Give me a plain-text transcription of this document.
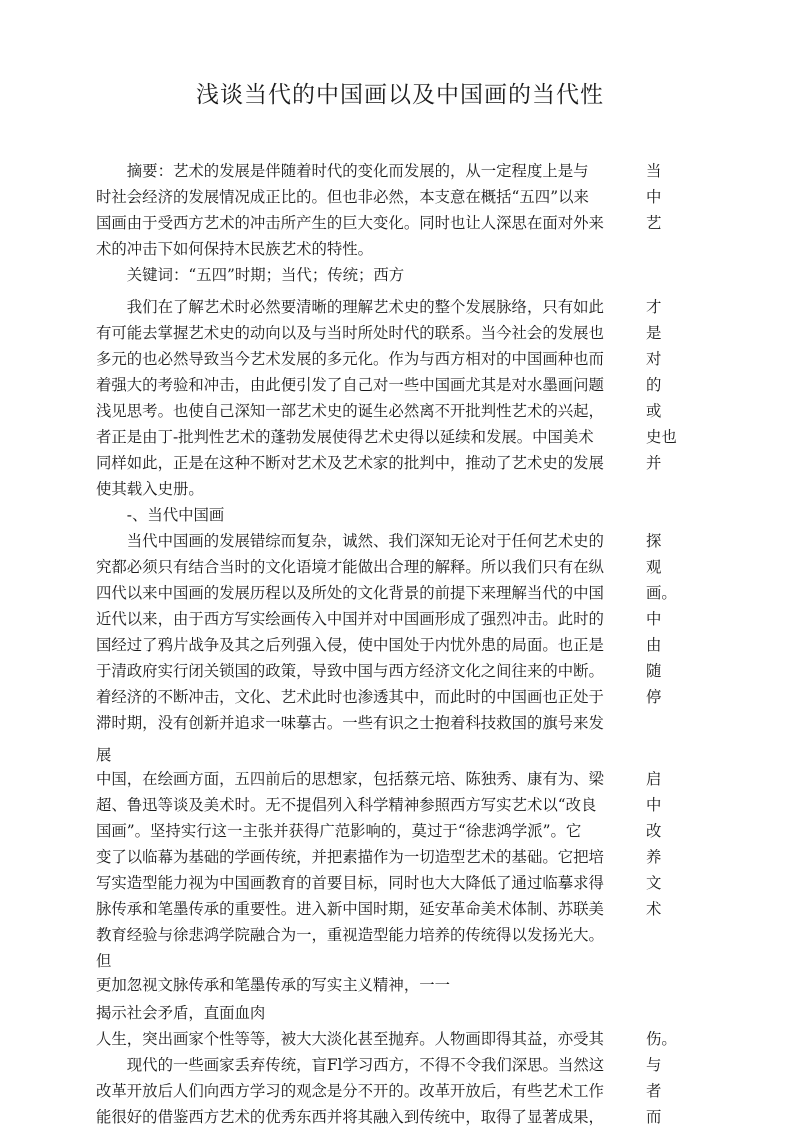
浅谈当代的中国画以及中国画的当代性
　　摘要：艺术的发展是伴随着时代的变化而发展的，从一定程度上是与	当
时社会经济的发展情况成正比的。但也非必然，本支意在概括“五四”以来	中
国画由于受西方艺术的冲击所产生的巨大变化。同时也让人深思在面对外来	艺
术的冲击下如何保持木民族艺术的特性。
　　关键词：“五四”时期；当代；传统；西方
　　我们在了解艺术时必然要清晰的理解艺术史的整个发展脉络，只有如此	才
有可能去掌握艺术史的动向以及与当时所处时代的联系。当今社会的发展也	是
多元的也必然导致当今艺术发展的多元化。作为与西方相对的中国画种也而	对
着强大的考验和冲击，由此便引发了自己对一些中国画尤其是对水墨画问题	的
浅见思考。也使自己深知一部艺术史的诞生必然离不开批判性艺术的兴起，	或
者正是由丁-批判性艺术的蓬勃发展使得艺术史得以延续和发展。中国美术	史也
同样如此，正是在这种不断对艺术及艺术家的批判中，推动了艺术史的发展	并
使其载入史册。
　　-、当代中国画
　　当代中国画的发展错综而复杂，诚然、我们深知无论对于任何艺术史的	探
究都必须只有结合当时的文化语境才能做出合理的解释。所以我们只有在纵	观
四代以来中国画的发展历程以及所处的文化背景的前提下来理解当代的中国	画。
近代以来，由于西方写实绘画传入中国并对中国画形成了强烈冲击。此时的	中
国经过了鸦片战争及其之后列强入侵，使中国处于内忧外患的局面。也正是	由
于清政府实行闭关锁国的政策，导致中国与西方经济文化之间往来的中断。	随
着经济的不断冲击，文化、艺术此时也渗透其中，而此时的中国画也正处于	停
滞时期，没有创新并追求一味摹古。一些有识之士抱着科技救国的旗号来发
展
中国，在绘画方面，五四前后的思想家，包括蔡元培、陈独秀、康有为、梁	启
超、鲁迅等谈及美术时。无不提倡列入科学精神参照西方写实艺术以“改良	中
国画”。坚持实行这一主张并获得广范影响的，莫过于“徐悲鸿学派”。它	改
变了以临幕为基础的学画传统，并把素描作为一切造型艺术的基础。它把培	养
写实造型能力视为中国画教育的首要目标，同时也大大降低了通过临摹求得	文
脉传承和笔墨传承的重要性。进入新中国时期，延安革命美术体制、苏联美	术
教育经验与徐悲鸿学院融合为一，重视造型能力培养的传统得以发扬光大。
但
更加忽视文脉传承和笔墨传承的写实主义精神，一一
揭示社会矛盾，直面血肉
人生，突出画家个性等等，被大大淡化甚至抛弃。人物画即得其益，亦受其	伤。
　　现代的一些画家丢弃传统，盲Fl学习西方，不得不令我们深思。当然这	与
改革开放后人们向西方学习的观念是分不开的。改革开放后，有些艺术工作	者
能很好的借鉴西方艺术的优秀东西并将其融入到传统中，取得了显著成果，	而
